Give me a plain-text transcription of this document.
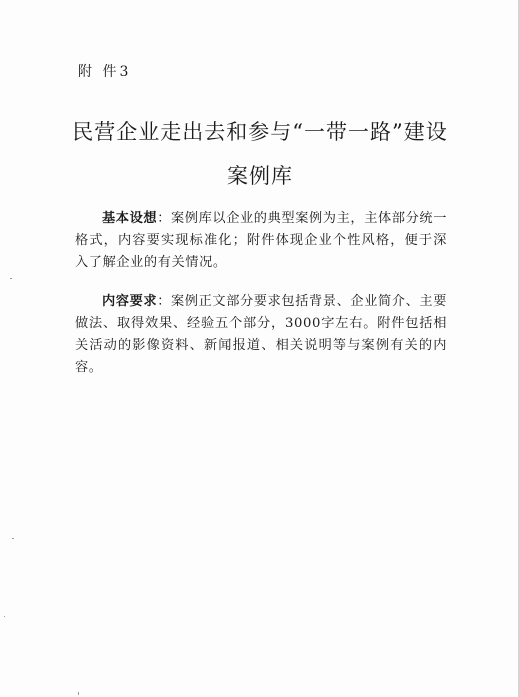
附 件3
民营企业走出去和参与“一带一路”建设
案例库

基本设想：案例库以企业的典型案例为主，主体部分统一格式，内容要实现标准化；附件体现企业个性风格，便于深入了解企业的有关情况。

内容要求：案例正文部分要求包括背景、企业简介、主要做法、取得效果、经验五个部分，3000字左右。附件包括相关活动的影像资料、新闻报道、相关说明等与案例有关的内容。
